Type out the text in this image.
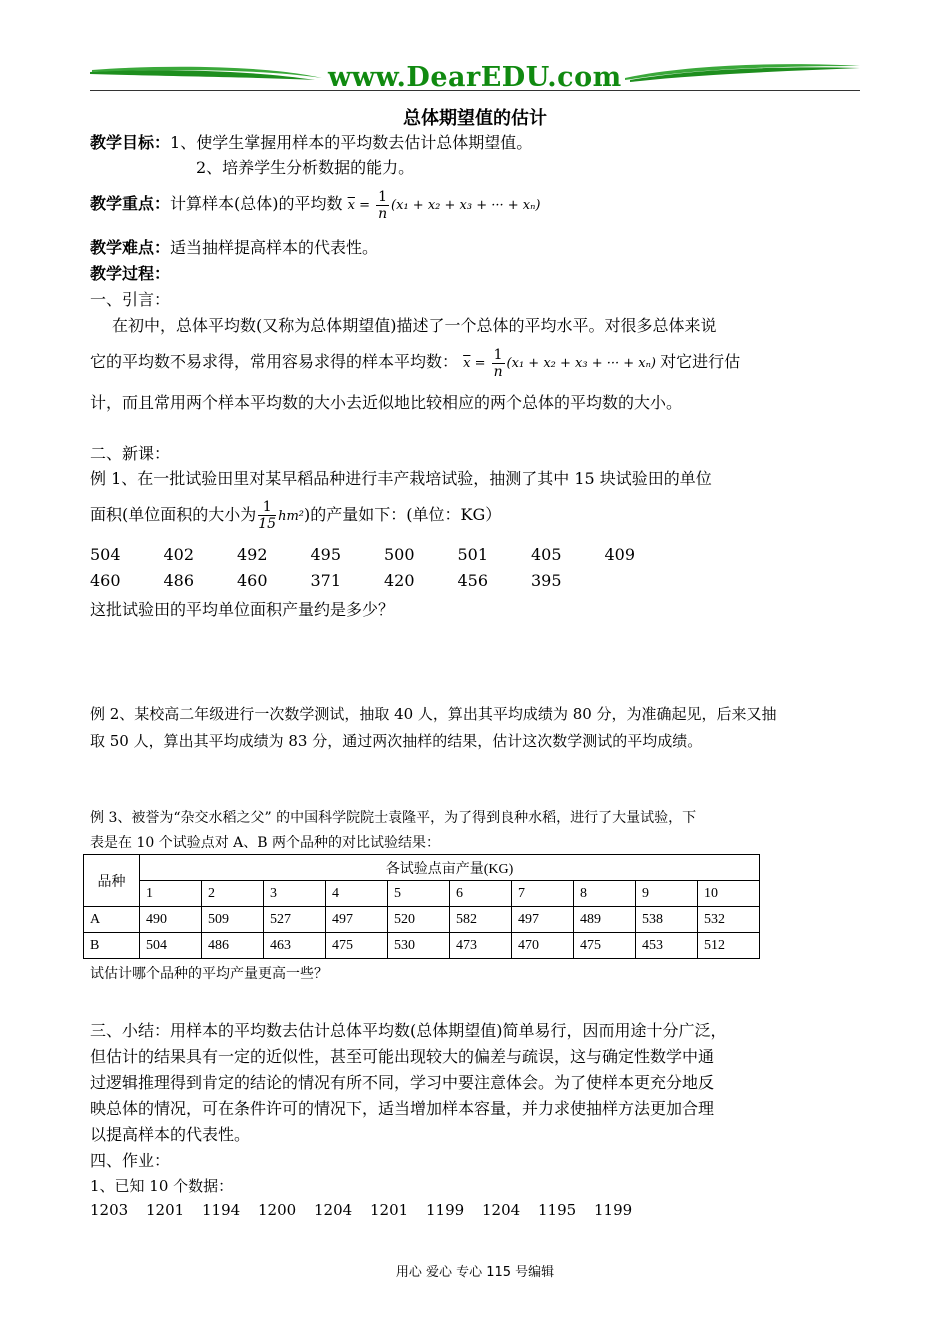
www.DearEDU.com
总体期望值的估计
教学目标：1、使学生掌握用样本的平均数去估计总体期望值。
2、培养学生分析数据的能力。
教学重点：计算样本(总体)的平均数 $\overline{x} = \frac{1}{n} (x_1 + x_2 + x_3$ + ··· + xₙ)
教学难点：适当抽样提高样本的代表性。
教学过程：
一、引言：
在初中，总体平均数(又称为总体期望值)描述了一个总体的平均水平。对很多总体来说
它的平均数不易求得，常用容易求得的样本平均数： $\overline{x} = \frac{1}{n} (x_1 + x_2 + x_3$ + ··· + xₙ) 对它进行估
计，而且常用两个样本平均数的大小去近似地比较相应的两个总体的平均数的大小。
二、新课：
例 1、在一批试验田里对某早稻品种进行丰产栽培试验，抽测了其中 15 块试验田的单位
面积(单位面积的大小为 $\frac{1}{15} hm^2$)的产量如下：(单位：KG）
504	402	492	495	500	501	405	409
460	486	460	371	420	456	395
这批试验田的平均单位面积产量约是多少？
例 2、某校高二年级进行一次数学测试，抽取 40 人，算出其平均成绩为 80 分，为准确起见，后来又抽
取 50 人，算出其平均成绩为 83 分，通过两次抽样的结果，估计这次数学测试的平均成绩。
例 3、被誉为“杂交水稻之父” 的中国科学院院士袁隆平，为了得到良种水稻，进行了大量试验，下
表是在 10 个试验点对 A、B 两个品种的对比试验结果：
品种	各试验点亩产量(KG)									
	1	2	3	4	5	6	7	8	9	10
A	490	509	527	497	520	582	497	489	538	532
B	504	486	463	475	530	473	470	475	453	512
试估计哪个品种的平均产量更高一些？
三、小结：用样本的平均数去估计总体平均数(总体期望值)简单易行，因而用途十分广泛，
但估计的结果具有一定的近似性，甚至可能出现较大的偏差与疏误，这与确定性数学中通
过逻辑推理得到肯定的结论的情况有所不同，学习中要注意体会。为了使样本更充分地反
映总体的情况，可在条件许可的情况下，适当增加样本容量，并力求使抽样方法更加合理
以提高样本的代表性。
四、作业：
1、已知 10 个数据：
1203 1201 1194 1200 1204 1201 1199 1204 1195 1199
用心 爱心 专心 115 号编辑
